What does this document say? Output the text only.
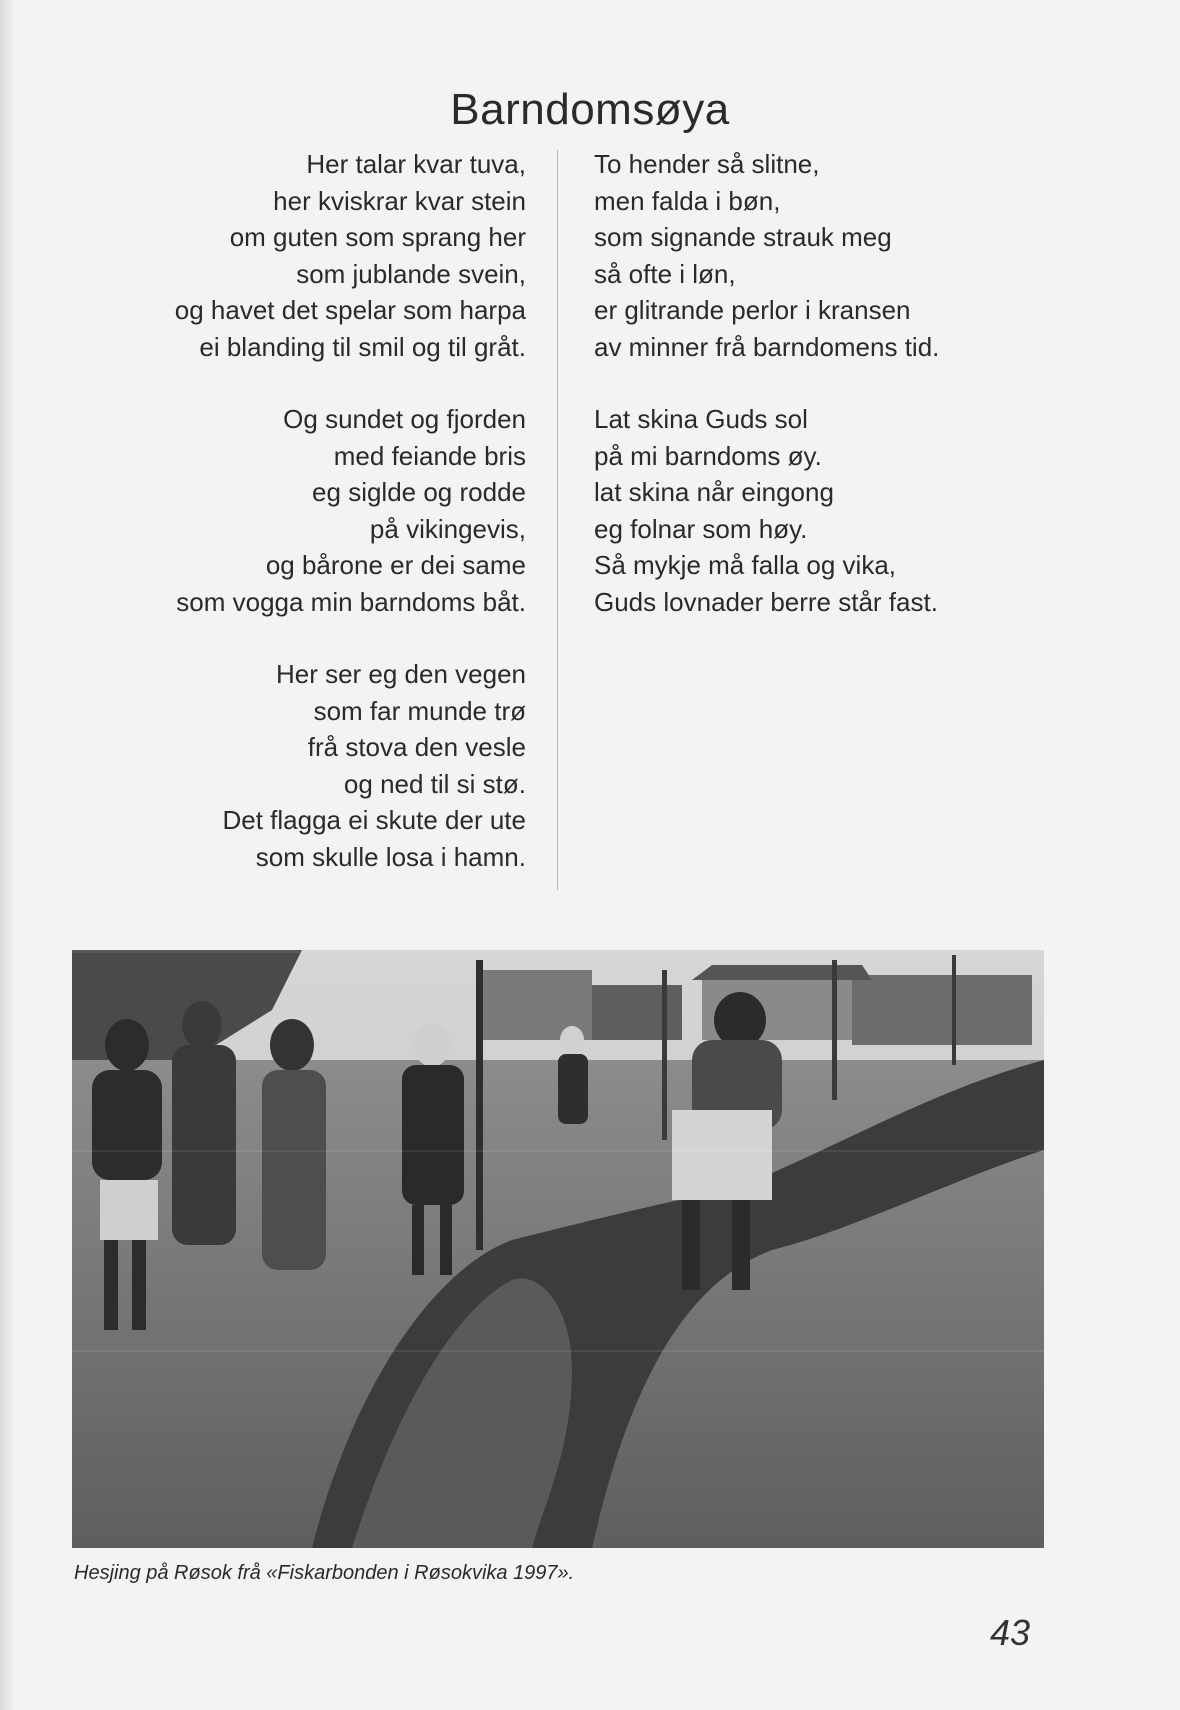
Barndomsøya
Her talar kvar tuva,
her kviskrar kvar stein
om guten som sprang her
som jublande svein,
og havet det spelar som harpa
ei blanding til smil og til gråt.
Og sundet og fjorden
med feiande bris
eg siglde og rodde
på vikingevis,
og bårone er dei same
som vogga min barndoms båt.
Her ser eg den vegen
som far munde trø
frå stova den vesle
og ned til si stø.
Det flagga ei skute der ute
som skulle losa i hamn.
To hender så slitne,
men falda i bøn,
som signande strauk meg
så ofte i løn,
er glitrande perlor i kransen
av minner frå barndomens tid.
Lat skina Guds sol
på mi barndoms øy.
lat skina når eingong
eg folnar som høy.
Så mykje må falla og vika,
Guds lovnader berre står fast.
Hesjing på Røsok frå «Fiskarbonden i Røsokvika 1997».
43
